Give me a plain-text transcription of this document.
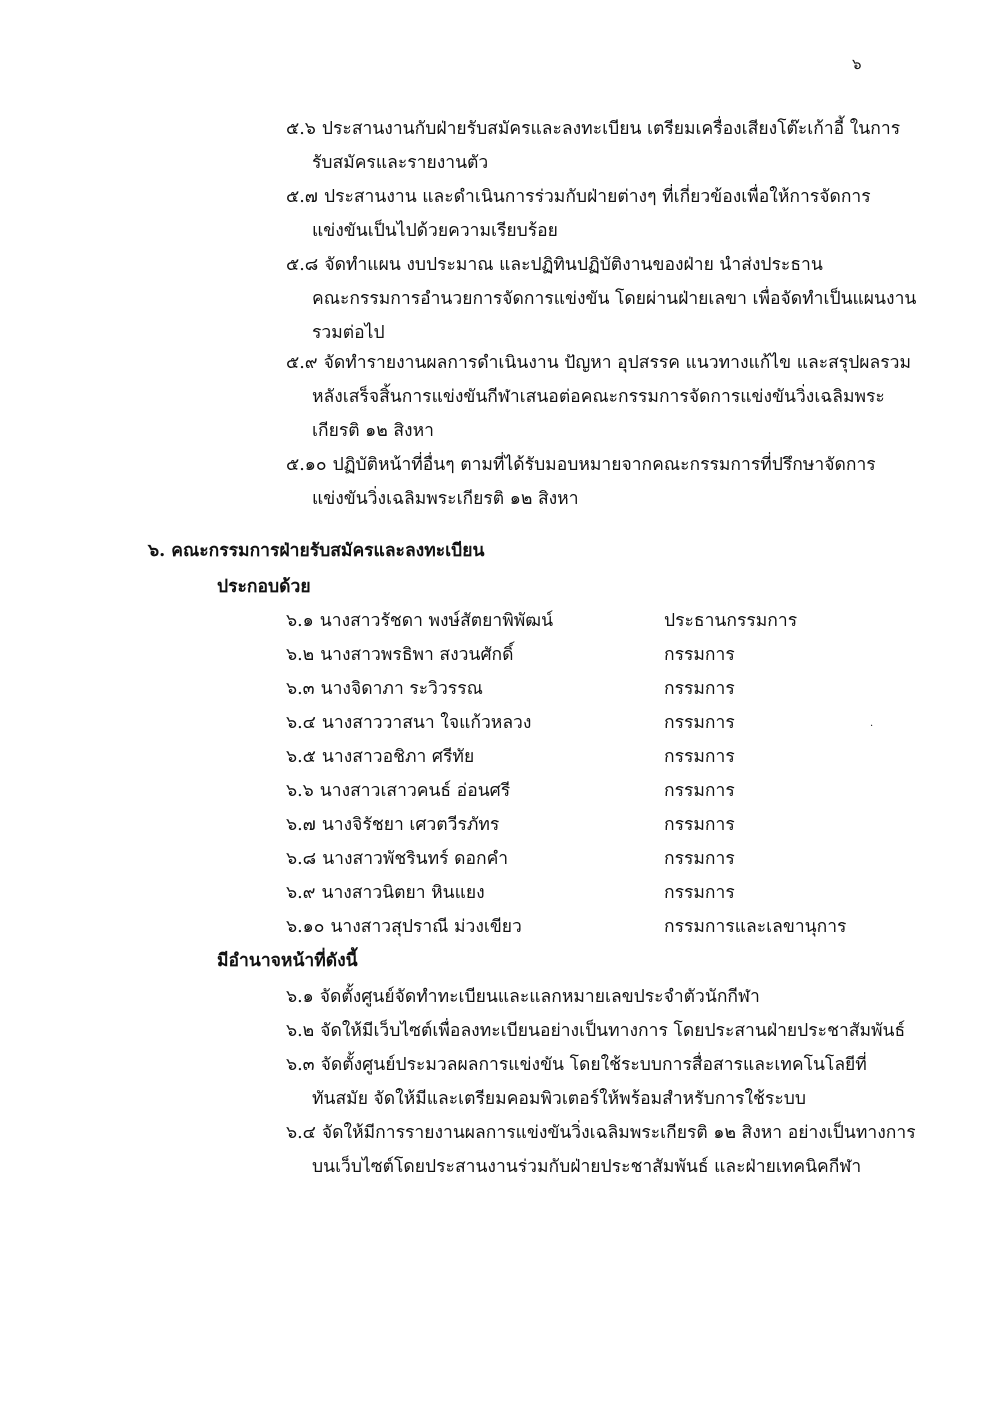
๖
๕.๖ ประสานงานกับฝ่ายรับสมัครและลงทะเบียน เตรียมเครื่องเสียงโต๊ะเก้าอี้ ในการ
รับสมัครและรายงานตัว
๕.๗ ประสานงาน และดำเนินการร่วมกับฝ่ายต่างๆ ที่เกี่ยวข้องเพื่อให้การจัดการ
แข่งขันเป็นไปด้วยความเรียบร้อย
๕.๘ จัดทำแผน งบประมาณ และปฏิทินปฏิบัติงานของฝ่าย นำส่งประธาน
คณะกรรมการอำนวยการจัดการแข่งขัน โดยผ่านฝ่ายเลขา เพื่อจัดทำเป็นแผนงาน
รวมต่อไป
๕.๙ จัดทำรายงานผลการดำเนินงาน ปัญหา อุปสรรค แนวทางแก้ไข และสรุปผลรวม
หลังเสร็จสิ้นการแข่งขันกีฬาเสนอต่อคณะกรรมการจัดการแข่งขันวิ่งเฉลิมพระ
เกียรติ ๑๒ สิงหา
๕.๑๐ ปฏิบัติหน้าที่อื่นๆ ตามที่ได้รับมอบหมายจากคณะกรรมการที่ปรึกษาจัดการ
แข่งขันวิ่งเฉลิมพระเกียรติ ๑๒ สิงหา
๖. คณะกรรมการฝ่ายรับสมัครและลงทะเบียน
ประกอบด้วย
๖.๑ นางสาวรัชดา พงษ์สัตยาพิพัฒน์	ประธานกรรมการ
๖.๒ นางสาวพรธิพา สงวนศักดิ์	กรรมการ
๖.๓ นางจิดาภา ระวิวรรณ	กรรมการ
๖.๔ นางสาววาสนา ใจแก้วหลวง	กรรมการ
๖.๕ นางสาวอชิภา ศรีทัย	กรรมการ
๖.๖ นางสาวเสาวคนธ์ อ่อนศรี	กรรมการ
๖.๗ นางจิรัชยา เศวตวีรภัทร	กรรมการ
๖.๘ นางสาวพัชรินทร์ ดอกคำ	กรรมการ
๖.๙ นางสาวนิตยา หินแยง	กรรมการ
๖.๑๐ นางสาวสุปราณี ม่วงเขียว	กรรมการและเลขานุการ
มีอำนาจหน้าที่ดังนี้
๖.๑ จัดตั้งศูนย์จัดทำทะเบียนและแลกหมายเลขประจำตัวนักกีฬา
๖.๒ จัดให้มีเว็บไซต์เพื่อลงทะเบียนอย่างเป็นทางการ โดยประสานฝ่ายประชาสัมพันธ์
๖.๓ จัดตั้งศูนย์ประมวลผลการแข่งขัน โดยใช้ระบบการสื่อสารและเทคโนโลยีที่
ทันสมัย จัดให้มีและเตรียมคอมพิวเตอร์ให้พร้อมสำหรับการใช้ระบบ
๖.๔ จัดให้มีการรายงานผลการแข่งขันวิ่งเฉลิมพระเกียรติ ๑๒ สิงหา อย่างเป็นทางการ
บนเว็บไซต์โดยประสานงานร่วมกับฝ่ายประชาสัมพันธ์ และฝ่ายเทคนิคกีฬา
.
